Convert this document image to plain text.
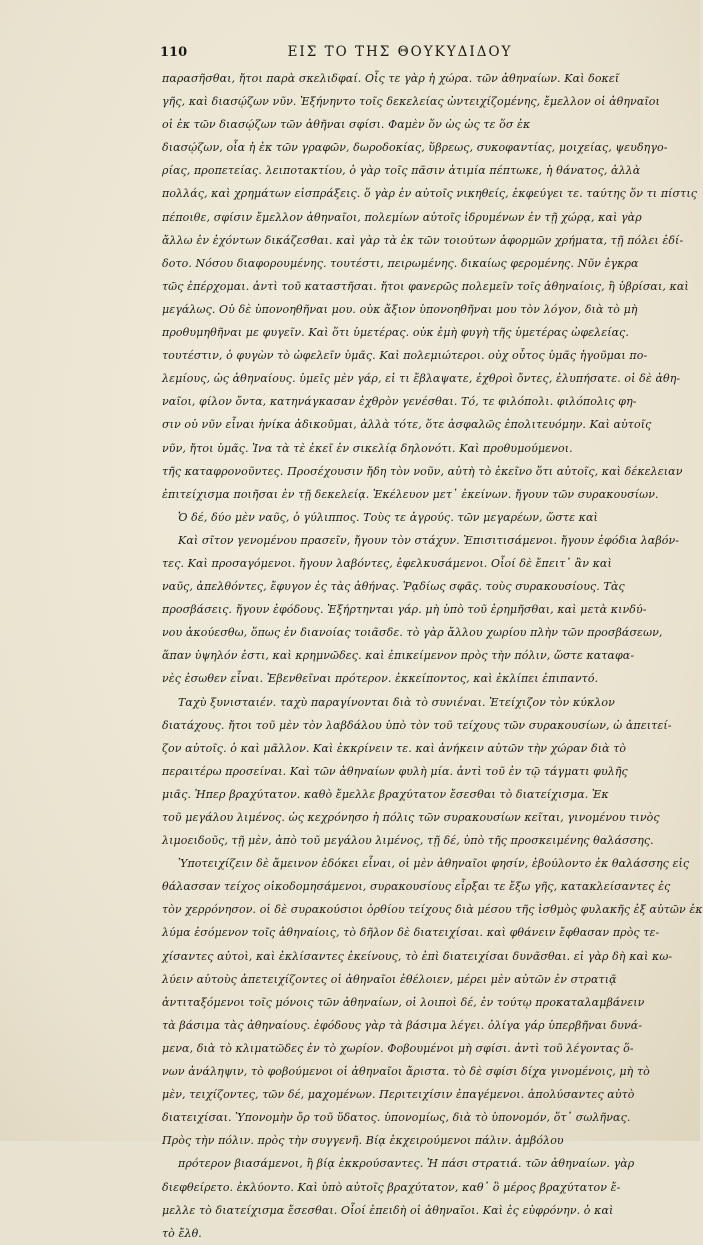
110	ΕΙΣ ΤΟ ΤΗΣ ΘΟΥΚΥΔΙΔΟΥ
παρασῆσθαι, ἤτοι παρὰ σκελιδφαί. Οἷς τε γὰρ ἡ χώρα. τῶν ἀθηναίων. Καὶ δοκεῖ
γῆς, καὶ διασῴζων νῦν. Ἐξήνηντο τοῖς δεκελείας ὠντειχίζομένης, ἔμελλον οἱ ἀθηναῖοι
οἱ ἐκ τῶν διασῴζων τῶν ἀθῆναι σφίσι. Φαμὲν ὅν ὡς ὡς τε ὅσ ἐκ
διασῴζων, οἷα ἡ ἐκ τῶν γραφῶν, δωροδοκίας, ὕβρεως, συκοφαντίας, μοιχείας, ψευδηγο-
ρίας, προπετείας. λειποτακτίου, ὁ γὰρ τοῖς πᾶσιν ἀτιμία πέπτωκε, ἡ θάνατος, ἀλλὰ
πολλάς, καὶ χρημάτων εἰσπράξεις. ὅ γὰρ ἐν αὐτοῖς νικηθείς, ἐκφεύγει τε. ταύτης ὅν τι πίστις
πέποιθε, σφίσιν ἔμελλον ἀθηναῖοι, πολεμίων αὐτοῖς ἰδρυμένων ἐν τῇ χώρᾳ, καὶ γὰρ
ἄλλω ἐν ἐχόντων δικάζεσθαι. καὶ γὰρ τὰ ἐκ τῶν τοιούτων ἀφορμῶν χρήματα, τῇ πόλει ἐδί-
δοτο. Νόσου διαφορουμένης. τουτέστι, πειρωμένης. δικαίως φερομένης. Νῦν ἐγκρα
τῶς ἐπέρχομαι. ἀντὶ τοῦ καταστῆσαι. ἤτοι φανερῶς πολεμεῖν τοῖς ἀθηναίοις, ἢ ὑβρίσαι, καὶ
μεγάλως. Οὐ δὲ ὑπονοηθῆναι μου. οὐκ ἄξιον ὑπονοηθῆναι μου τὸν λόγον, διὰ τὸ μὴ
προθυμηθῆναι με φυγεῖν. Καὶ ὅτι ὑμετέρας. οὐκ ἐμὴ φυγὴ τῆς ὑμετέρας ὠφελείας.
τουτέστιν, ὁ φυγὼν τὸ ὠφελεῖν ὑμᾶς. Καὶ πολεμιώτεροι. οὐχ οὗτος ὑμᾶς ἡγοῦμαι πο-
λεμίους, ὡς ἀθηναίους. ὑμεῖς μὲν γάρ, εἰ τι ἔβλαψατε, ἐχθροὶ ὄντες, ἐλυπήσατε. οἱ δὲ ἀθη-
ναῖοι, φίλον ὄντα, κατηνάγκασαν ἐχθρὸν γενέσθαι. Τό, τε φιλόπολι. φιλόπολις φη-
σιν οὐ νῦν εἶναι ἡνίκα ἀδικοῦμαι, ἀλλὰ τότε, ὅτε ἀσφαλῶς ἐπολιτευόμην. Καὶ αὐτοῖς
νῦν, ἤτοι ὑμᾶς. Ἰνα τὰ τὲ ἐκεῖ ἐν σικελίᾳ δηλονότι. Καὶ προθυμούμενοι.
τῆς καταφρονοῦντες. Προσέχουσιν ἤδη τὸν νοῦν, αὐτὴ τὸ ἐκεῖνο ὅτι αὐτοῖς, καὶ δέκελειαν
ἐπιτείχισμα ποιῆσαι ἐν τῇ δεκελείᾳ. Ἐκέλευον μετ᾽ ἐκείνων. ἤγουν τῶν συρακουσίων.
Ὁ δέ, δύο μὲν ναῦς, ὁ γύλιππος. Τοὺς τε ἀγρούς. τῶν μεγαρέων, ὥστε καὶ
Καὶ σῖτον γενομένου πρασεῖν, ἤγουν τὸν στάχυν. Ἐπισιτισάμενοι. ἤγουν ἐφόδια λαβόν-
τες. Καὶ προσαγόμενοι. ἤγουν λαβόντες, ἐφελκυσάμενοι. Οἷοί δὲ ἔπειτ᾽ ἂν καὶ
ναῦς, ἀπελθόντες, ἔφυγον ἐς τὰς ἀθήνας. Ῥᾳδίως σφᾶς. τοὺς συρακουσίους. Τὰς
προσβάσεις. ἤγουν ἐφόδους. Ἐξήρτηνται γάρ. μὴ ὑπὸ τοῦ ἐρημῆσθαι, καὶ μετὰ κινδύ-
νου ἀκούεσθω, ὅπως ἐν διανοίας τοιᾶσδε. τὸ γὰρ ἄλλου χωρίου πλὴν τῶν προσβάσεων,
ἅπαν ὑψηλόν ἐστι, καὶ κρημνῶδες. καὶ ἐπικείμενον πρὸς τὴν πόλιν, ὥστε καταφα-
νὲς ἐσωθεν εἶναι. Ἐβενθεῖναι πρότερον. ἐκκείποντος, καὶ ἐκλίπει ἐπιπαντό.
Ταχὺ ξυνισταιέν. ταχὺ παραγίνονται διὰ τὸ συνιέναι. Ἐτείχιζον τὸν κύκλον
διατάχους. ἤτοι τοῦ μὲν τὸν λαβδάλου ὑπὸ τὸν τοῦ τείχους τῶν συρακουσίων, ὡ ἀπειτεί-
ζον αὐτοῖς. ὁ καὶ μᾶλλον. Καὶ ἐκκρίνειν τε. καὶ ἀνήκειν αὐτῶν τὴν χώραν διὰ τὸ
περαιτέρω προσείναι. Καὶ τῶν ἀθηναίων φυλὴ μία. ἀντὶ τοῦ ἐν τῷ τάγματι φυλῆς
μιᾶς. Ἠπερ βραχύτατον. καθὸ ἔμελλε βραχύτατον ἔσεσθαι τὸ διατείχισμα. Ἐκ
τοῦ μεγάλου λιμένος. ὡς κεχρόνησο ἡ πόλις τῶν συρακουσίων κεῖται, γινομένου τινὸς
λιμοειδοῦς, τῇ μὲν, ἀπὸ τοῦ μεγάλου λιμένος, τῇ δέ, ὑπὸ τῆς προσκειμένης θαλάσσης.
Ὑποτειχίζειν δὲ ἄμεινον ἐδόκει εἶναι, οἱ μὲν ἀθηναῖοι φησίν, ἐβούλοντο ἐκ θαλάσσης εἰς
θάλασσαν τείχος οἰκοδομησάμενοι, συρακουσίους εἷρξαι τε ἔξω γῆς, κατακλείσαντες ἐς
τὸν χερρόνησον. οἱ δὲ συρακούσιοι ὀρθίου τείχους διὰ μέσου τῆς ἰσθμὸς φυλακῆς ἐξ αὐτῶν ἐκ
λύμα ἐσόμενον τοῖς ἀθηναίοις, τὸ δῆλον δὲ διατειχίσαι. καὶ φθάνειν ἔφθασαν πρὸς τε-
χίσαντες αὐτοὶ, καὶ ἐκλίσαντες ἐκείνους, τὸ ἐπὶ διατειχίσαι δυνᾶσθαι. εἰ γὰρ δὴ καὶ κω-
λύειν αὐτοὺς ἀπετειχίζοντες οἱ ἀθηναῖοι ἐθέλοιεν, μέρει μὲν αὐτῶν ἐν στρατιᾷ
ἀντιταξόμενοι τοῖς μόνοις τῶν ἀθηναίων, οἱ λοιποὶ δέ, ἐν τούτῳ προκαταλαμβάνειν
τὰ βάσιμα τὰς ἀθηναίους. ἐφόδους γὰρ τὰ βάσιμα λέγει. ὀλίγα γάρ ὑπερβῆναι δυνά-
μενα, διὰ τὸ κλιματῶδες ἐν τὸ χωρίον. Φοβουμένοι μὴ σφίσι. ἀντὶ τοῦ λέγοντας ὅ-
νων ἀνάληψιν, τὸ φοβούμενοι οἱ ἀθηναῖοι ἄριστα. τὸ δὲ σφίσι δίχα γινομένοις, μὴ τὸ
μὲν, τειχίζοντες, τῶν δέ, μαχομένων. Περιτειχίσιν ἐπαγέμενοι. ἀπολύσαντες αὐτὸ
διατειχίσαι. Ὑπονομὴν ὄρ τοῦ ὕδατος. ὑπονομίως, διὰ τὸ ὑπονομόν, ὅτ᾽ σωλῆνας.
Πρὸς τὴν πόλιν. πρὸς τὴν συγγενῆ. Βίᾳ ἐκχειρούμενοι πάλιν. ἀμβόλου
πρότερον βιασάμενοι, ἢ βίᾳ ἐκκρούσαντες. Ἡ πάσι στρατιά. τῶν ἀθηναίων. γὰρ
διεφθείρετο. ἐκλύοντο. Καὶ ὑπὸ αὐτοῖς βραχύτατον, καθ᾽ ὃ μέρος βραχύτατον ἔ-
μελλε τὸ διατείχισμα ἔσεσθαι. Οἷοί ἐπειδὴ οἱ ἀθηναῖοι. Καὶ ἐς εὐφρόνην. ὁ καὶ
τὸ ἔλθ.
